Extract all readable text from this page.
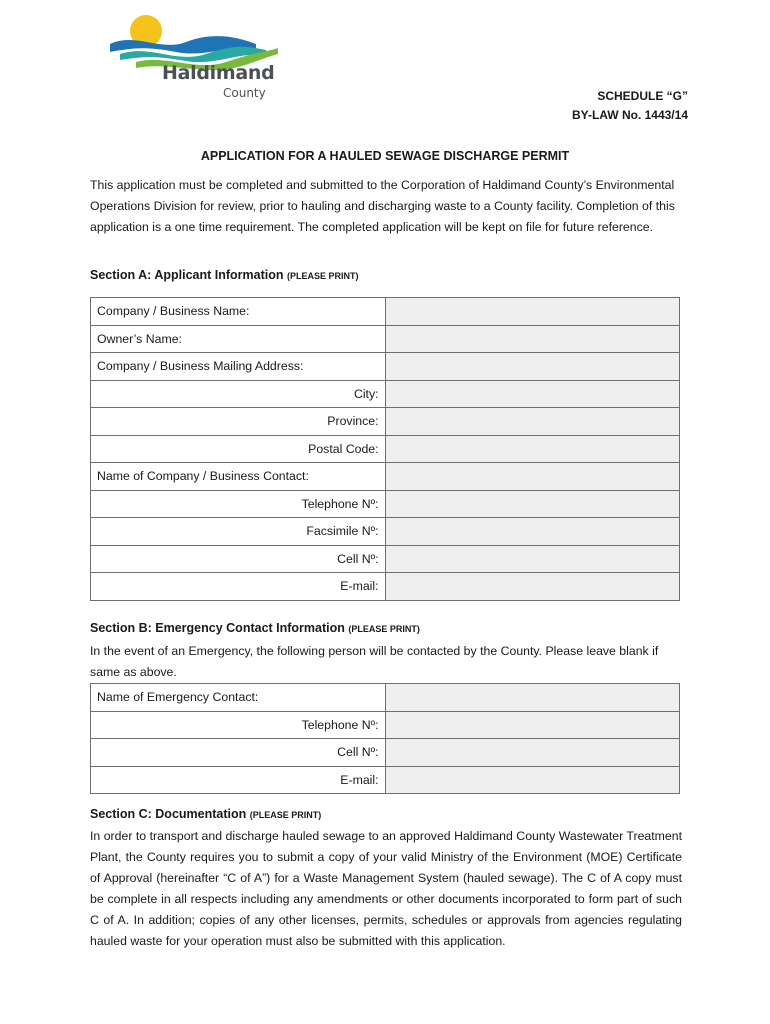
Haldimand
County	SCHEDULE “G”
BY-LAW No. 1443/14
APPLICATION FOR A HAULED SEWAGE DISCHARGE PERMIT
This application must be completed and submitted to the Corporation of Haldimand County’s Environmental Operations Division for review, prior to hauling and discharging waste to a County facility. Completion of this application is a one time requirement. The completed application will be kept on file for future reference.
Section A: Applicant Information (PLEASE PRINT)
Company / Business Name:	
Owner’s Name:	
Company / Business Mailing Address:	
City:	
Province:	
Postal Code:	
Name of Company / Business Contact:	
Telephone Nº:	
Facsimile Nº:	
Cell Nº:	
E-mail:	
Section B: Emergency Contact Information (PLEASE PRINT)
In the event of an Emergency, the following person will be contacted by the County. Please leave blank if same as above.
Name of Emergency Contact:	
Telephone Nº:	
Cell Nº:	
E-mail:	
Section C: Documentation (PLEASE PRINT)
In order to transport and discharge hauled sewage to an approved Haldimand County Wastewater Treatment Plant, the County requires you to submit a copy of your valid Ministry of the Environment (MOE) Certificate of Approval (hereinafter “C of A”) for a Waste Management System (hauled sewage). The C of A copy must be complete in all respects including any amendments or other documents incorporated to form part of such C of A. In addition; copies of any other licenses, permits, schedules or approvals from agencies regulating hauled waste for your operation must also be submitted with this application.
